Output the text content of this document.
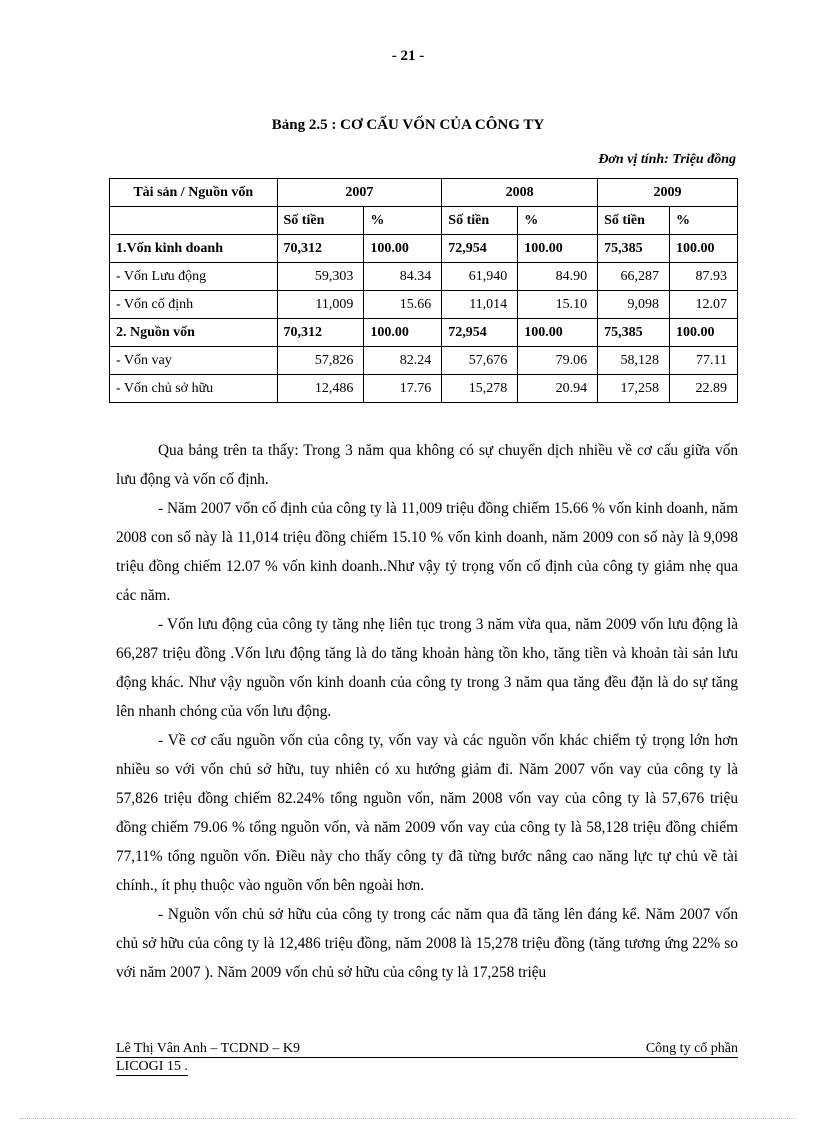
- 21 -
Bảng 2.5 : CƠ CẤU VỐN CỦA CÔNG TY
Đơn vị tính: Triệu đồng
Tài sản / Nguồn vốn	2007		2008		2009	
	Số tiền	%	Số tiền	%	Số tiền	%
1.Vốn kinh doanh	70,312	100.00	72,954	100.00	75,385	100.00
- Vốn Lưu động	59,303	84.34	61,940	84.90	66,287	87.93
- Vốn cố định	11,009	15.66	11,014	15.10	9,098	12.07
2. Nguồn vốn	70,312	100.00	72,954	100.00	75,385	100.00
- Vốn vay	57,826	82.24	57,676	79.06	58,128	77.11
- Vốn chủ sở hữu	12,486	17.76	15,278	20.94	17,258	22.89

Qua bảng trên ta thấy: Trong 3 năm qua không có sự chuyển dịch nhiều về cơ cấu giữa vốn lưu động và vốn cố định.

- Năm 2007 vốn cố định của công ty là 11,009 triệu đồng chiếm 15.66 % vốn kinh doanh, năm 2008 con số này là 11,014 triệu đồng chiếm 15.10 % vốn kinh doanh, năm 2009 con số này là 9,098 triệu đồng chiếm 12.07 % vốn kinh doanh..Như vậy tỷ trọng vốn cố định của công ty giảm nhẹ qua các năm.

- Vốn lưu động của công ty tăng nhẹ liên tục trong 3 năm vừa qua, năm 2009 vốn lưu động là 66,287 triệu đồng .Vốn lưu động tăng là do tăng khoản hàng tồn kho, tăng tiền và khoản tài sản lưu động khác. Như vậy nguồn vốn kinh doanh của công ty trong 3 năm qua tăng đều đặn là do sự tăng lên nhanh chóng của vốn lưu động.

- Về cơ cấu nguồn vốn của công ty, vốn vay và các nguồn vốn khác chiếm tỷ trọng lớn hơn nhiều so với vốn chủ sở hữu, tuy nhiên có xu hướng giảm đi. Năm 2007 vốn vay của công ty là 57,826 triệu đồng chiếm 82.24% tổng nguồn vốn, năm 2008 vốn vay của công ty là 57,676 triệu đồng chiếm 79.06 % tổng nguồn vốn, và năm 2009 vốn vay của công ty là 58,128 triệu đồng chiếm 77,11% tổng nguồn vốn. Điều này cho thấy công ty đã từng bước nâng cao năng lực tự chủ về tài chính., ít phụ thuộc vào nguồn vốn bên ngoài hơn.

- Nguồn vốn chủ sở hữu của công ty trong các năm qua đã tăng lên đáng kể. Năm 2007 vốn chủ sở hữu của công ty là 12,486 triệu đồng, năm 2008 là 15,278 triệu đồng (tăng tương ứng 22% so với năm 2007 ). Năm 2009 vốn chủ sở hữu của công ty là 17,258 triệu

Lê Thị Vân Anh – TCDND – K9	Công ty cổ phần
LICOGI 15 .
